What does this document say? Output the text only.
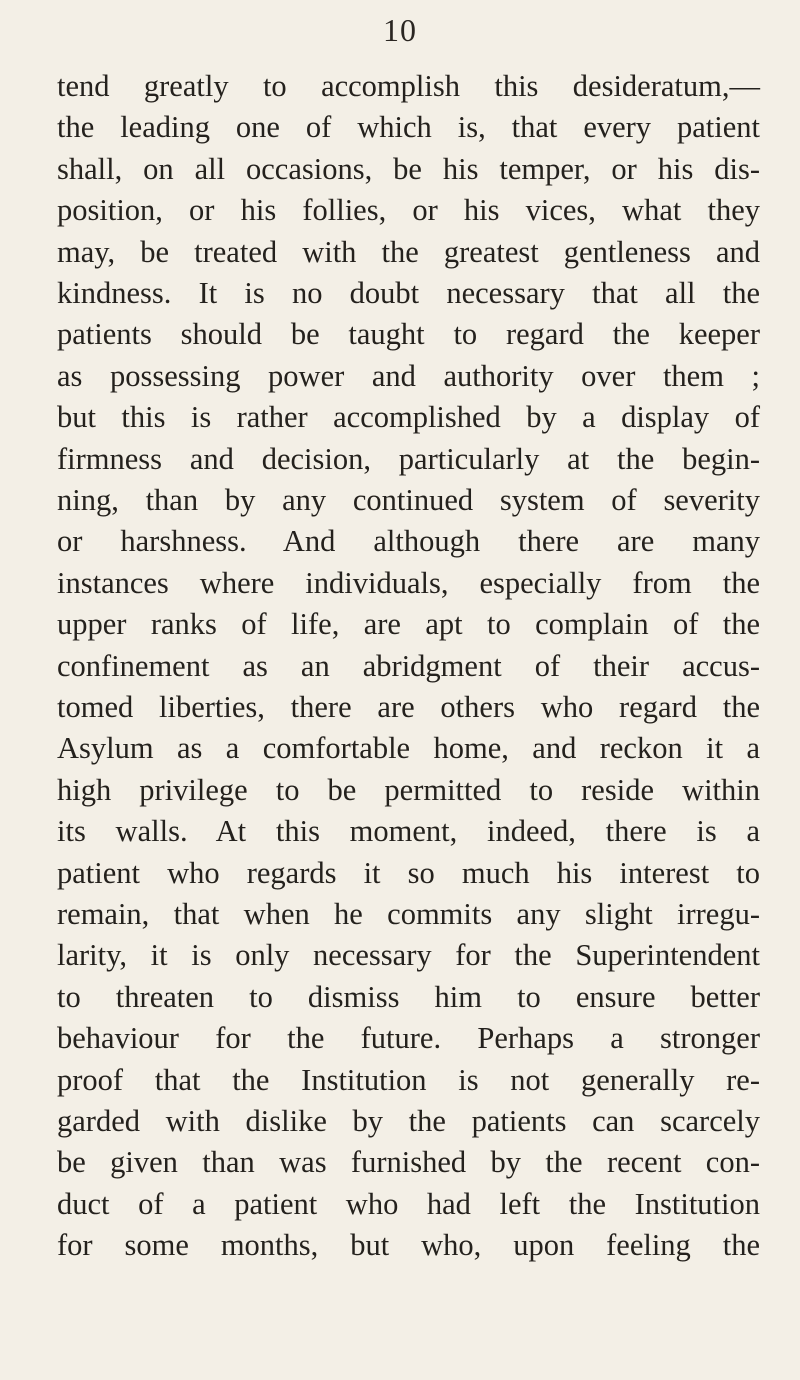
10
tend greatly to accomplish this desideratum,—
the leading one of which is, that every patient
shall, on all occasions, be his temper, or his dis-
position, or his follies, or his vices, what they
may, be treated with the greatest gentleness and
kindness. It is no doubt necessary that all the
patients should be taught to regard the keeper
as possessing power and authority over them ;
but this is rather accomplished by a display of
firmness and decision, particularly at the begin-
ning, than by any continued system of severity
or harshness. And although there are many
instances where individuals, especially from the
upper ranks of life, are apt to complain of the
confinement as an abridgment of their accus-
tomed liberties, there are others who regard the
Asylum as a comfortable home, and reckon it a
high privilege to be permitted to reside within
its walls. At this moment, indeed, there is a
patient who regards it so much his interest to
remain, that when he commits any slight irregu-
larity, it is only necessary for the Superintendent
to threaten to dismiss him to ensure better
behaviour for the future. Perhaps a stronger
proof that the Institution is not generally re-
garded with dislike by the patients can scarcely
be given than was furnished by the recent con-
duct of a patient who had left the Institution
for some months, but who, upon feeling the
